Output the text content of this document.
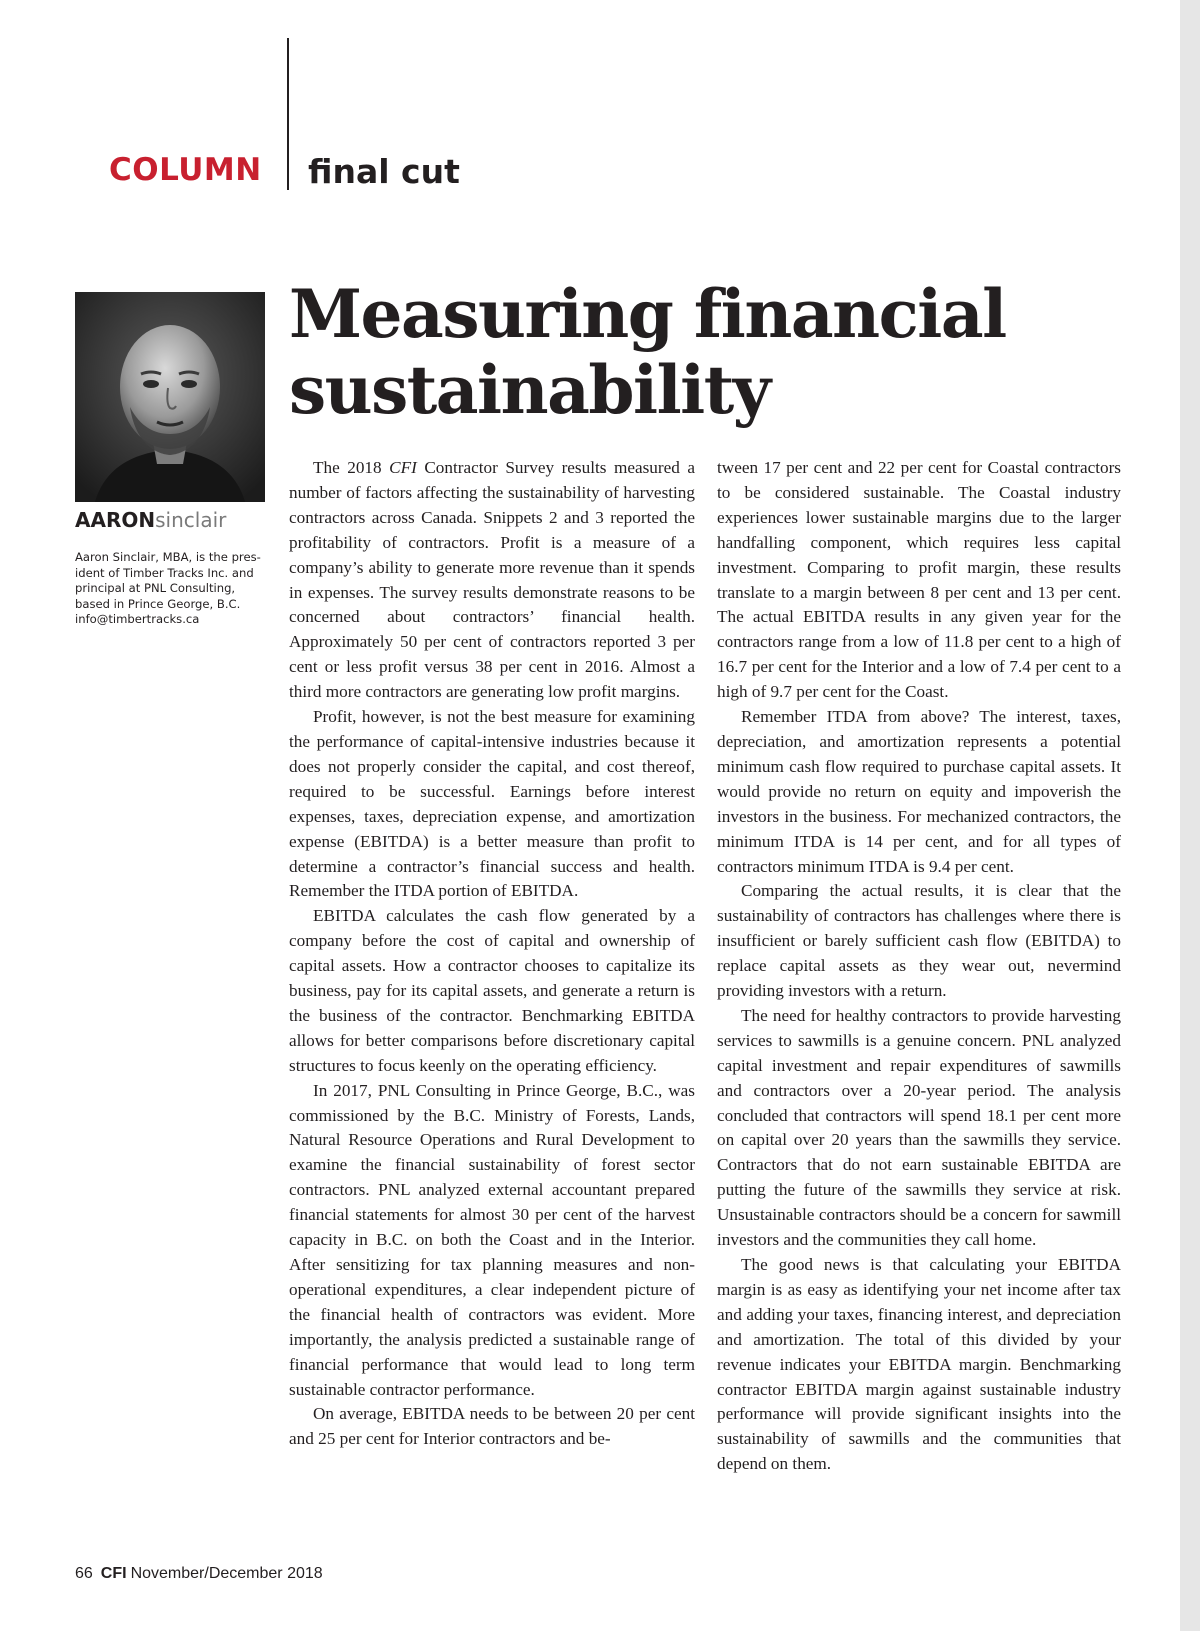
COLUMN final cut
AARONsinclair
Aaron Sinclair, MBA, is the pres-
ident of Timber Tracks Inc. and
principal at PNL Consulting,
based in Prince George, B.C.
info@timbertracks.ca
Measuring financial
sustainability

The 2018 CFI Contractor Survey results measured a number of factors affecting the sustainability of harvesting contractors across Canada. Snippets 2 and 3 reported the profitability of contractors. Profit is a measure of a company’s ability to generate more revenue than it spends in expenses. The survey results demonstrate reasons to be concerned about contractors’ financial health. Approximately 50 per cent of contractors reported 3 per cent or less profit versus 38 per cent in 2016. Almost a third more contractors are generating low profit margins.

Profit, however, is not the best measure for examining the performance of capital-intensive industries because it does not properly consider the capital, and cost thereof, required to be successful. Earnings before interest expenses, taxes, depreciation expense, and amortization expense (EBITDA) is a better measure than profit to determine a contractor’s financial success and health. Remember the ITDA portion of EBITDA.

EBITDA calculates the cash flow generated by a company before the cost of capital and ownership of capital assets. How a contractor chooses to capitalize its business, pay for its capital assets, and generate a return is the business of the contractor. Benchmarking EBITDA allows for better comparisons before discretionary capital structures to focus keenly on the operating efficiency.

In 2017, PNL Consulting in Prince George, B.C., was commissioned by the B.C. Ministry of Forests, Lands, Natural Resource Operations and Rural Development to examine the financial sustainability of forest sector contractors. PNL analyzed external accountant prepared financial statements for almost 30 per cent of the harvest capacity in B.C. on both the Coast and in the Interior. After sensitizing for tax planning measures and non-operational expenditures, a clear independent picture of the financial health of contractors was evident. More importantly, the analysis predicted a sustainable range of financial performance that would lead to long term sustainable contractor performance.

On average, EBITDA needs to be between 20 per cent and 25 per cent for Interior contractors and be-

tween 17 per cent and 22 per cent for Coastal contractors to be considered sustainable. The Coastal industry experiences lower sustainable margins due to the larger handfalling component, which requires less capital investment. Comparing to profit margin, these results translate to a margin between 8 per cent and 13 per cent. The actual EBITDA results in any given year for the contractors range from a low of 11.8 per cent to a high of 16.7 per cent for the Interior and a low of 7.4 per cent to a high of 9.7 per cent for the Coast.

Remember ITDA from above? The interest, taxes, depreciation, and amortization represents a potential minimum cash flow required to purchase capital assets. It would provide no return on equity and impoverish the investors in the business. For mechanized contractors, the minimum ITDA is 14 per cent, and for all types of contractors minimum ITDA is 9.4 per cent.

Comparing the actual results, it is clear that the sustainability of contractors has challenges where there is insufficient or barely sufficient cash flow (EBITDA) to replace capital assets as they wear out, nevermind providing investors with a return.

The need for healthy contractors to provide harvesting services to sawmills is a genuine concern. PNL analyzed capital investment and repair expenditures of sawmills and contractors over a 20-year period. The analysis concluded that contractors will spend 18.1 per cent more on capital over 20 years than the sawmills they service. Contractors that do not earn sustainable EBITDA are putting the future of the sawmills they service at risk. Unsustainable contractors should be a concern for sawmill investors and the communities they call home.

The good news is that calculating your EBITDA margin is as easy as identifying your net income after tax and adding your taxes, financing interest, and depreciation and amortization. The total of this divided by your revenue indicates your EBITDA margin. Benchmarking contractor EBITDA margin against sustainable industry performance will provide significant insights into the sustainability of sawmills and the communities that depend on them.

66 CFI November/December 2018
